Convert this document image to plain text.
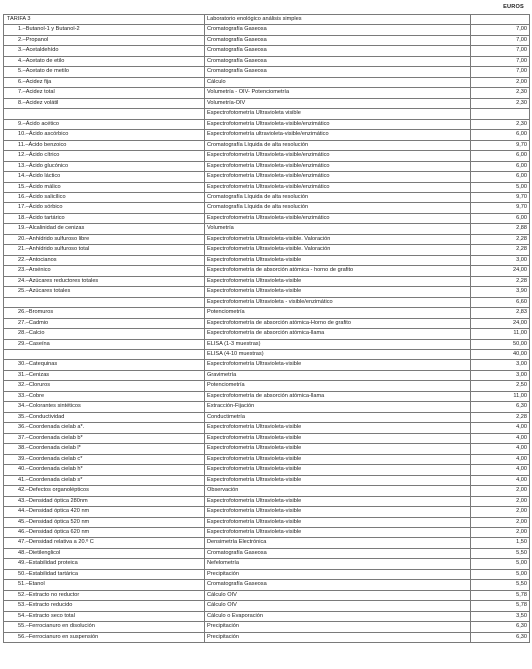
EUROS
TARIFA 3	Laboratorio enológico análisis simples	
1.–Butanol-1 y Butanol-2	Cromatografía Gaseosa	7,00
2.–Propanol	Cromatografía Gaseosa	7,00
3.–Acetaldehído	Cromatografía Gaseosa	7,00
4.–Acetato de etilo	Cromatografía Gaseosa	7,00
5.–Acetato de metilo	Cromatografía Gaseosa	7,00
6.–Acidez fija	Cálculo	2,00
7.–Acidez total	Volumetría - OIV- Potenciometría	2,30
8.–Acidez volátil	Volumetría-OIV	2,30
	Espectrofotometría Ultravioleta visible	
9.–Ácido acético	Espectrofotometría Ultravioleta-visible/enzimático	2,30
10.–Ácido ascórbico	Espectrofotometría ultravioleta-visible/enzimático	6,00
11.–Ácido benzoico	Cromatografía Líquida de alta resolución	9,70
12.–Ácido cítrico	Espectrofotometría Ultravioleta-visible/enzimático	6,00
13.–Ácido glucónico	Espectrofotometría Ultravioleta-visible/enzimático	6,00
14.–Ácido láctico	Espectrofotometría Ultravioleta-visible/enzimático	6,00
15.–Ácido málico	Espectrofotometría Ultravioleta-visible/enzimático	5,00
16.–Ácido salicílico	Cromatografía Líquida de alta resolución	9,70
17.–Ácido sórbico	Cromatografía Líquida de alta resolución	9,70
18.–Ácido tartárico	Espectrofotometría Ultravioleta-visible/enzimático	6,00
19.–Alcalinidad de cenizas	Volumetría	2,88
20.–Anhídrido sulfuroso libre	Espectrofotometría Ultravioleta-visible. Valoración	2,28
21.–Anhídrido sulfuroso total	Espectrofotometría Ultravioleta-visible. Valoración	2,28
22.–Antocianos	Espectrofotometría Ultravioleta-visible	3,00
23.–Arsénico	Espectrofotometría de absorción atómica - horno de grafito	24,00
24.–Azúcares reductores totales	Espectrofotometría Ultravioleta-visible	2,28
25.–Azúcares totales	Espectrofotometría Ultravioleta-visible	3,90
	Espectrofotometría Ultravioleta - visible/enzimático	6,60
26.–Bromuros	Potenciometría	2,83
27.–Cadmio	Espectrofotometría de absorción atómica-Horno de grafito	24,00
28.–Calcio	Espectrofotometría de absorción atómica-llama	11,00
29.–Caseína	ELISA (1-3 muestras)	50,00
	ELISA (4-10 muestras)	40,00
30.–Catequinas	Espectrofotometría Ultravioleta-visible	3,00
31.–Cenizas	Gravimetría	3,00
32.–Cloruros	Potenciometría	2,50
33.–Cobre	Espectrofotometría de absorción atómica-llama	11,00
34.–Colorantes sintéticos	Extracción-Fijación	6,30
35.–Conductividad	Conductimetría	2,28
36.–Coordenada cielab a*.	Espectrofotometría Ultravioleta-visible	4,00
37.–Coordenada cielab b*	Espectrofotometría Ultravioleta-visible	4,00
38.–Coordenada cielab l*	Espectrofotometría Ultravioleta-visible	4,00
39.–Coordenada cielab c*	Espectrofotometría Ultravioleta-visible	4,00
40.–Coordenada cielab h*	Espectrofotometría Ultravioleta-visible	4,00
41.–Coordenada cielab s*	Espectrofotometría Ultravioleta-visible	4,00
42.–Defectos organolépticos	Observación	2,00
43.–Densidad óptica 280nm	Espectrofotometría Ultravioleta-visible	2,00
44.–Densidad óptica 420 nm	Espectrofotometría Ultravioleta-visible	2,00
45.–Densidad óptica 520 nm	Espectrofotometría Ultravioleta-visible	2,00
46.–Densidad óptica 620 nm	Espectrofotometría Ultravioleta-visible	2,00
47.–Densidad relativa a 20.º C	Densimetría Electrónica	1,50
48.–Dietilenglicol	Cromatografía Gaseosa	5,50
49.–Estabilidad proteica	Nefelometría	5,00
50.–Estabilidad tartárica	Precipitación	5,00
51.–Etanol	Cromatografía Gaseosa	5,50
52.–Extracto no reductor	Cálculo OIV	5,78
53.–Extracto reducido	Cálculo OIV	5,78
54.–Extracto seco total	Cálculo o Evaporación	3,50
55.–Ferrocianuro en disolución	Precipitación	6,30
56.–Ferrocianuro en suspensión	Precipitación	6,30
